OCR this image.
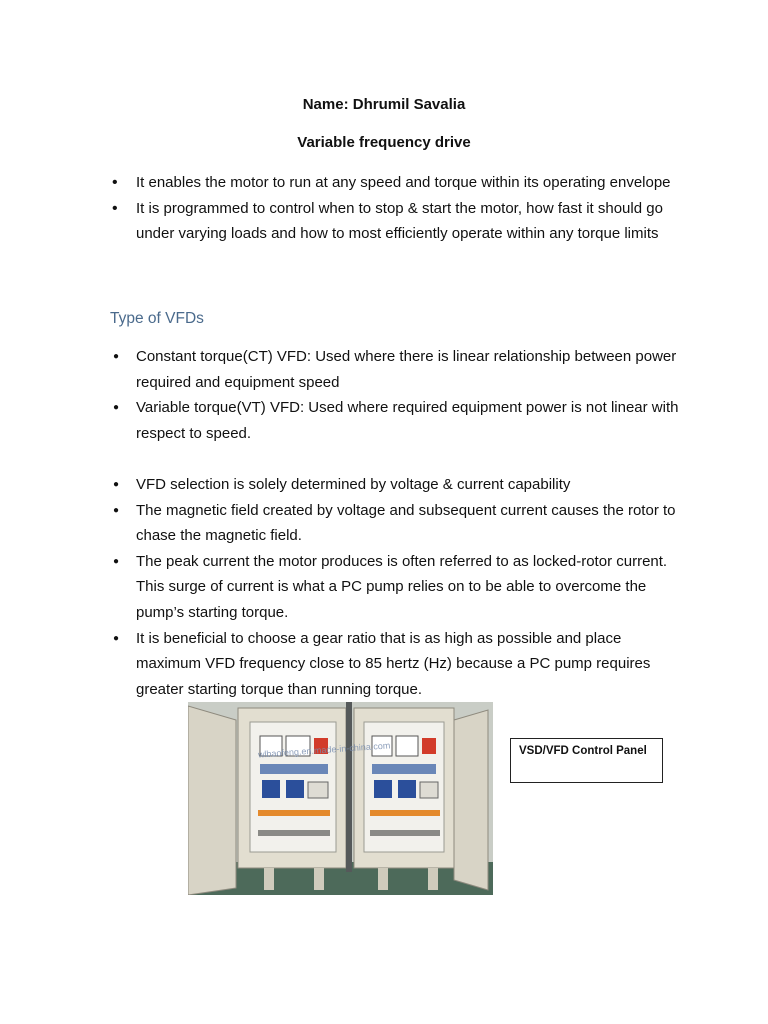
Name: Dhrumil Savalia
Variable frequency drive
• It enables the motor to run at any speed and torque within its operating envelope
• It is programmed to control when to stop & start the motor, how fast it should go under varying loads and how to most efficiently operate within any torque limits
Type of VFDs
● Constant torque(CT) VFD: Used where there is linear relationship between power required and equipment speed
● Variable torque(VT) VFD: Used where required equipment power is not linear with respect to speed.
● VFD selection is solely determined by voltage & current capability
● The magnetic field created by voltage and subsequent current causes the rotor to chase the magnetic field.
● The peak current the motor produces is often referred to as locked-rotor current. This surge of current is what a PC pump relies on to be able to overcome the pump’s starting torque.
● It is beneficial to choose a gear ratio that is as high as possible and place maximum VFD frequency close to 85 hertz (Hz) because a PC pump requires greater starting torque than running torque.
wlbaofeng.en.made-in-china.com	VSD/VFD Control Panel
